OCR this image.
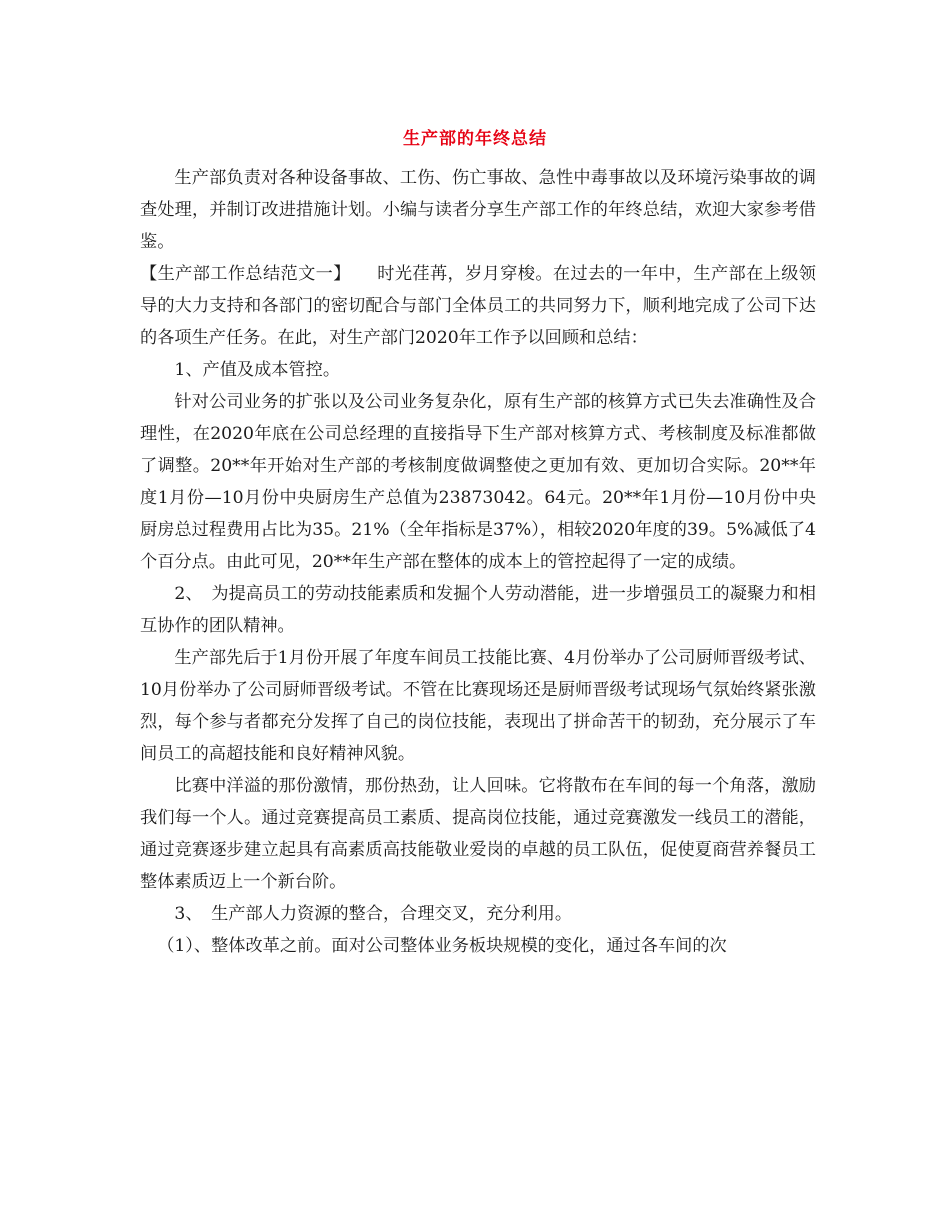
生产部的年终总结

生产部负责对各种设备事故、工伤、伤亡事故、急性中毒事故以及环境污染事故的调查处理，并制订改进措施计划。小编与读者分享生产部工作的年终总结，欢迎大家参考借鉴。

【生产部工作总结范文一】　　时光荏苒，岁月穿梭。在过去的一年中，生产部在上级领导的大力支持和各部门的密切配合与部门全体员工的共同努力下，顺利地完成了公司下达的各项生产任务。在此，对生产部门2020年工作予以回顾和总结：

1、产值及成本管控。

针对公司业务的扩张以及公司业务复杂化，原有生产部的核算方式已失去准确性及合理性，在2020年底在公司总经理的直接指导下生产部对核算方式、考核制度及标准都做了调整。20**年开始对生产部的考核制度做调整使之更加有效、更加切合实际。20**年度1月份—10月份中央厨房生产总值为23873042。64元。20**年1月份—10月份中央厨房总过程费用占比为35。21%（全年指标是37%），相较2020年度的39。5%减低了4个百分点。由此可见，20**年生产部在整体的成本上的管控起得了一定的成绩。

2、　为提高员工的劳动技能素质和发掘个人劳动潜能，进一步增强员工的凝聚力和相互协作的团队精神。

生产部先后于1月份开展了年度车间员工技能比赛、4月份举办了公司厨师晋级考试、10月份举办了公司厨师晋级考试。不管在比赛现场还是厨师晋级考试现场气氛始终紧张激烈，每个参与者都充分发挥了自己的岗位技能，表现出了拼命苦干的韧劲，充分展示了车间员工的高超技能和良好精神风貌。

比赛中洋溢的那份激情，那份热劲，让人回味。它将散布在车间的每一个角落，激励我们每一个人。通过竞赛提高员工素质、提高岗位技能，通过竞赛激发一线员工的潜能，通过竞赛逐步建立起具有高素质高技能敬业爱岗的卓越的员工队伍，促使夏商营养餐员工整体素质迈上一个新台阶。

3、　生产部人力资源的整合，合理交叉，充分利用。

（1）、整体改革之前。面对公司整体业务板块规模的变化，通过各车间的次
